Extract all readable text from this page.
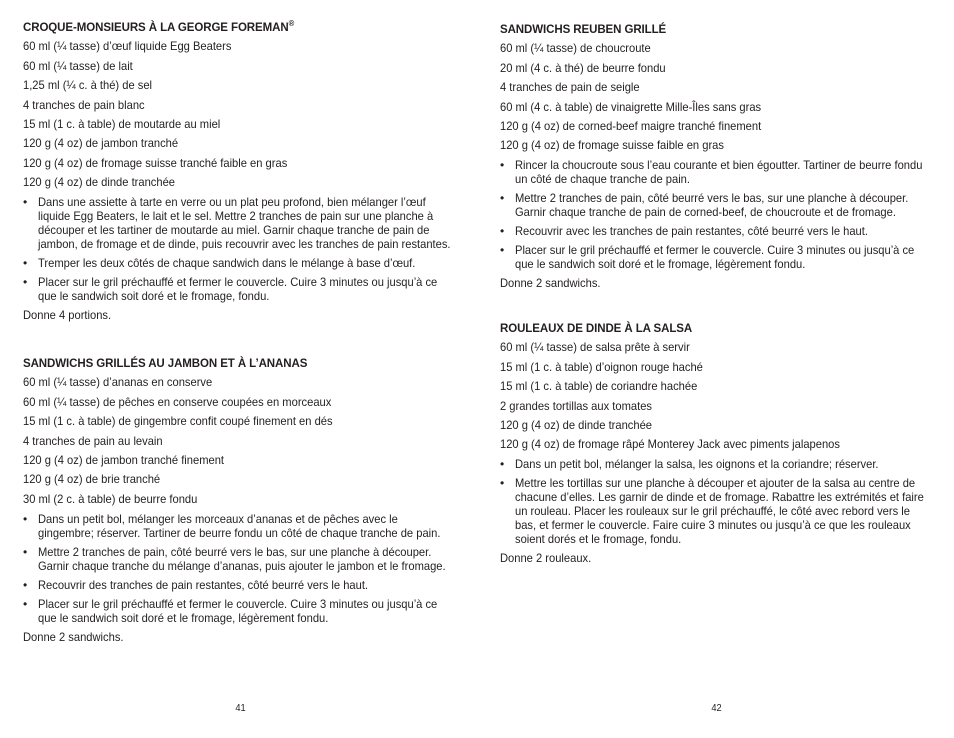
CROQUE-MONSIEURS À LA GEORGE FOREMAN®
60 ml (¼ tasse) d’œuf liquide Egg Beaters
60 ml (¼ tasse) de lait
1,25 ml (¼ c. à thé) de sel
4 tranches de pain blanc
15 ml (1 c. à table) de moutarde au miel
120 g (4 oz) de jambon tranché
120 g (4 oz) de fromage suisse tranché faible en gras
120 g (4 oz) de dinde tranchée
• Dans une assiette à tarte en verre ou un plat peu profond, bien mélanger l’œuf liquide Egg Beaters, le lait et le sel. Mettre 2 tranches de pain sur une planche à découper et les tartiner de moutarde au miel. Garnir chaque tranche de pain de jambon, de fromage et de dinde, puis recouvrir avec les tranches de pain restantes.
• Tremper les deux côtés de chaque sandwich dans le mélange à base d’œuf.
• Placer sur le gril préchauffé et fermer le couvercle. Cuire 3 minutes ou jusqu’à ce que le sandwich soit doré et le fromage, fondu.
Donne 4 portions.
SANDWICHS GRILLÉS AU JAMBON ET À L’ANANAS
60 ml (¼ tasse) d’ananas en conserve
60 ml (¼ tasse) de pêches en conserve coupées en morceaux
15 ml (1 c. à table) de gingembre confit coupé finement en dés
4 tranches de pain au levain
120 g (4 oz) de jambon tranché finement
120 g (4 oz) de brie tranché
30 ml (2 c. à table) de beurre fondu
• Dans un petit bol, mélanger les morceaux d’ananas et de pêches avec le gingembre; réserver. Tartiner de beurre fondu un côté de chaque tranche de pain.
• Mettre 2 tranches de pain, côté beurré vers le bas, sur une planche à découper. Garnir chaque tranche du mélange d’ananas, puis ajouter le jambon et le fromage.
• Recouvrir des tranches de pain restantes, côté beurré vers le haut.
• Placer sur le gril préchauffé et fermer le couvercle. Cuire 3 minutes ou jusqu’à ce que le sandwich soit doré et le fromage, légèrement fondu.
Donne 2 sandwichs.
41
SANDWICHS REUBEN GRILLÉ
60 ml (¼ tasse) de choucroute
20 ml (4 c. à thé) de beurre fondu
4 tranches de pain de seigle
60 ml (4 c. à table) de vinaigrette Mille-Îles sans gras
120 g (4 oz) de corned-beef maigre tranché finement
120 g (4 oz) de fromage suisse faible en gras
• Rincer la choucroute sous l’eau courante et bien égoutter. Tartiner de beurre fondu un côté de chaque tranche de pain.
• Mettre 2 tranches de pain, côté beurré vers le bas, sur une planche à découper. Garnir chaque tranche de pain de corned-beef, de choucroute et de fromage.
• Recouvrir avec les tranches de pain restantes, côté beurré vers le haut.
• Placer sur le gril préchauffé et fermer le couvercle. Cuire 3 minutes ou jusqu’à ce que le sandwich soit doré et le fromage, légèrement fondu.
Donne 2 sandwichs.
ROULEAUX DE DINDE À LA SALSA
60 ml (¼ tasse) de salsa prête à servir
15 ml (1 c. à table) d’oignon rouge haché
15 ml (1 c. à table) de coriandre hachée
2 grandes tortillas aux tomates
120 g (4 oz) de dinde tranchée
120 g (4 oz) de fromage râpé Monterey Jack avec piments jalapenos
• Dans un petit bol, mélanger la salsa, les oignons et la coriandre; réserver.
• Mettre les tortillas sur une planche à découper et ajouter de la salsa au centre de chacune d’elles. Les garnir de dinde et de fromage. Rabattre les extrémités et faire un rouleau. Placer les rouleaux sur le gril préchauffé, le côté avec rebord vers le bas, et fermer le couvercle. Faire cuire 3 minutes ou jusqu’à ce que les rouleaux soient dorés et le fromage, fondu.
Donne 2 rouleaux.
42
